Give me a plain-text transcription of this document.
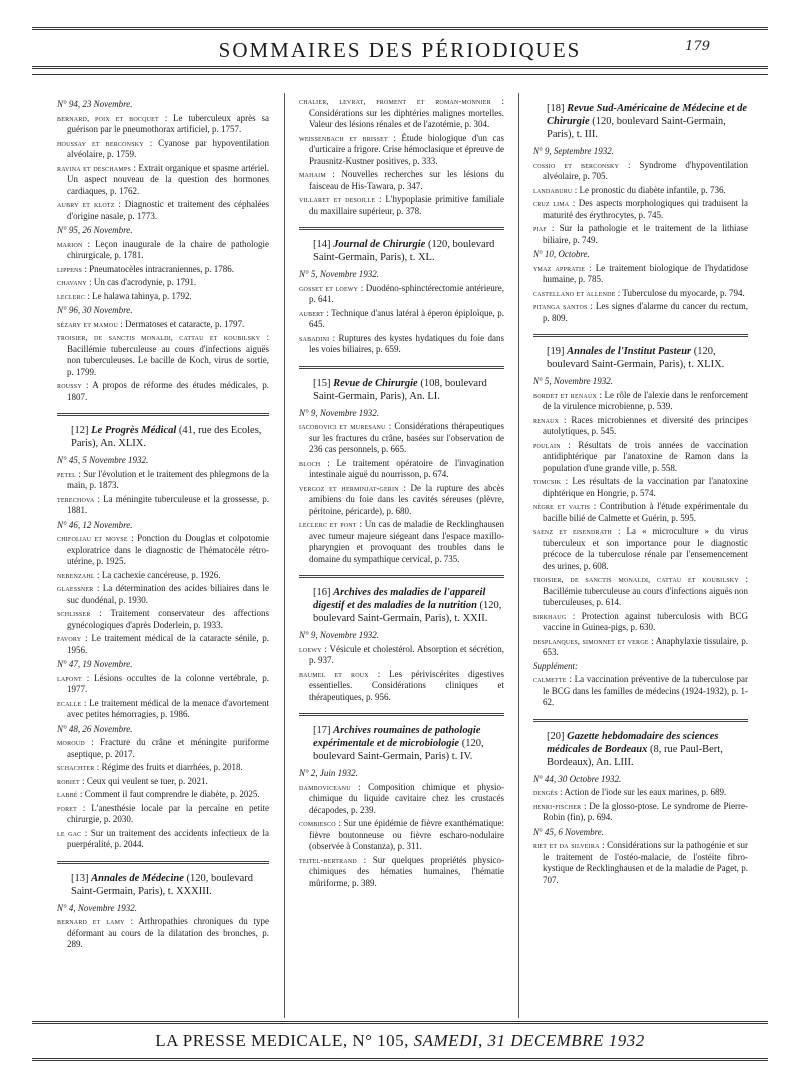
SOMMAIRES DES PÉRIODIQUES	179
N° 94, 23 Novembre.
bernard, poix et bocquet : Le tuberculeux après sa guérison par le pneumothorax artificiel, p. 1757.
houssay et berconsky : Cyanose par hypoventilation alvéolaire, p. 1759.
ravina et deschamps : Extrait organique et spasme artériel. Un aspect nouveau de la question des hormones cardiaques, p. 1762.
aubry et klotz : Diagnostic et traitement des céphalées d'origine nasale, p. 1773.
N° 95, 26 Novembre.
marion : Leçon inaugurale de la chaire de pathologie chirurgicale, p. 1781.
lippens : Pneumatocèles intracraniennes, p. 1786.
chavany : Un cas d'acrodynie, p. 1791.
leclerc : Le halawa tahinya, p. 1792.
N° 96, 30 Novembre.
sézary et mamou : Dermatoses et cataracte, p. 1797.
troisier, de sanctis monaldi, cattau et koubilsky : Bacillémie tuberculeuse au cours d'infections aiguës non tuberculeuses. Le bacille de Koch, virus de sortie, p. 1799.
roussy : A propos de réforme des études médicales, p. 1807.
[12] Le Progrès Médical (41, rue des Ecoles, Paris), An. XLIX.
N° 45, 5 Novembre 1932.
petel : Sur l'évolution et le traitement des phlegmons de la main, p. 1873.
terechova : La méningite tuberculeuse et la grossesse, p. 1881.
N° 46, 12 Novembre.
chifoliau et moyse : Ponction du Douglas et colpotomie exploratrice dans le diagnostic de l'hématocèle rétro-utérine, p. 1925.
nebenzahl : La cachexie cancéreuse, p. 1926.
glaessner : La détermination des acides biliaires dans le suc duodénal, p. 1930.
schlisser : Traitement conservateur des affections gynécologiques d'après Doderlein, p. 1933.
favory : Le traitement médical de la cataracte sénile, p. 1956.
N° 47, 19 Novembre.
lapont : Lésions occultes de la colonne vertébrale, p. 1977.
ecalle : Le traitement médical de la menace d'avortement avec petites hémorragies, p. 1986.
N° 48, 26 Novembre.
moroud : Fracture du crâne et méningite puriforme aseptique, p. 2017.
schachter : Régime des fruits et diarrhées, p. 2018.
robiet : Ceux qui veulent se tuer, p. 2021.
labbé : Comment il faut comprendre le diabète, p. 2025.
foret : L'anesthésie locale par la percaïne en petite chirurgie, p. 2030.
le gac : Sur un traitement des accidents infectieux de la puerpéralité, p. 2044.
[13] Annales de Médecine (120, boulevard Saint-Germain, Paris), t. XXXIII.
N° 4, Novembre 1932.
bernard et lamy : Arthropathies chroniques du type déformant au cours de la dilatation des bronches, p. 289.
chalier, levrat, froment et roman-monnier : Considérations sur les diphtéries malignes mortelles. Valeur des lésions rénales et de l'azotémie, p. 304.
weissenbach et brisset : Étude biologique d'un cas d'urticaire a frigore. Crise hémoclasique et épreuve de Prausnitz-Kustner positives, p. 333.
mahaim : Nouvelles recherches sur les lésions du faisceau de His-Tawara, p. 347.
villaret et desoille : L'hypoplasie primitive familiale du maxillaire supérieur, p. 378.
[14] Journal de Chirurgie (120, boulevard Saint-Germain, Paris), t. XL.
N° 5, Novembre 1932.
gosset et loewy : Duodéno-sphinctérectomie antérieure, p. 641.
aubert : Technique d'anus latéral à éperon épiploïque, p. 645.
sabadini : Ruptures des kystes hydatiques du foie dans les voies biliaires, p. 659.
[15] Revue de Chirurgie (108, boulevard Saint-Germain, Paris), An. LI.
N° 9, Novembre 1932.
iacobovici et muresanu : Considérations thérapeutiques sur les fractures du crâne, basées sur l'observation de 236 cas personnels, p. 665.
bloch : Le traitement opératoire de l'invagination intestinale aiguë du nourrisson, p. 674.
vergoz et herminjat-gerin : De la rupture des abcès amibiens du foie dans les cavités séreuses (plèvre, péritoine, péricarde), p. 680.
leclerc et pont : Un cas de maladie de Recklinghausen avec tumeur majeure siégeant dans l'espace maxillo-pharyngien et provoquant des troubles dans le domaine du sympathique cervical, p. 735.
[16] Archives des maladies de l'appareil digestif et des maladies de la nutrition (120, boulevard Saint-Germain, Paris), t. XXII.
N° 9, Novembre 1932.
loewy : Vésicule et cholestérol. Absorption et sécrétion, p. 937.
baumel et roux : Les périviscérites digestives essentielles. Considérations cliniques et thérapeutiques, p. 956.
[17] Archives roumaines de pathologie expérimentale et de microbiologie (120, boulevard Saint-Germain, Paris) t. IV.
N° 2, Juin 1932.
damboviceanu : Composition chimique et physio-chimique du liquide cavitaire chez les crustacés décapodes, p. 239.
combiesco : Sur une épidémie de fièvre exanthématique: fièvre boutonneuse ou fièvre escharo-nodulaire (observée à Constanza), p. 311.
teitel-bertrand : Sur quelques propriétés physico-chimiques des hématies humaines, l'hématie mûriforme, p. 389.
[18] Revue Sud-Américaine de Médecine et de Chirurgie (120, boulevard Saint-Germain, Paris), t. III.
N° 9, Septembre 1932.
cossio et berconsky : Syndrome d'hypoventilation alvéolaire, p. 705.
landaburu : Le pronostic du diabète infantile, p. 736.
cruz lima : Des aspects morphologiques qui traduisent la maturité des érythrocytes, p. 745.
piaf : Sur la pathologie et le traitement de la lithiase biliaire, p. 749.
N° 10, Octobre.
ymaz appratie : Le traitement biologique de l'hydatidose humaine, p. 785.
castellano et allende : Tuberculose du myocarde, p. 794.
pitanga santos : Les signes d'alarme du cancer du rectum, p. 809.
[19] Annales de l'Institut Pasteur (120, boulevard Saint-Germain, Paris), t. XLIX.
N° 5, Novembre 1932.
bordet et renaux : Le rôle de l'alexie dans le renforcement de la virulence microbienne, p. 539.
renaux : Races microbiennes et diversité des principes autolytiques, p. 545.
poulain : Résultats de trois années de vaccination antidiphtérique par l'anatoxine de Ramon dans la population d'une grande ville, p. 558.
tomcsik : Les résultats de la vaccination par l'anatoxine diphtérique en Hongrie, p. 574.
nègre et valtis : Contribution à l'étude expérimentale du bacille bilié de Calmette et Guérin, p. 595.
saenz et eisendrath : La « microculture » du virus tuberculeux et son importance pour le diagnostic précoce de la tuberculose rénale par l'ensemencement des urines, p. 608.
troisier, de sanctis monaldi, cattau et koubilsky : Bacillémie tuberculeuse au cours d'infections aiguës non tuberculeuses, p. 614.
birkhaug : Protection against tuberculosis with BCG vaccine in Guinea-pigs, p. 630.
desplanques, simonnet et verge : Anaphylaxie tissulaire, p. 653.
Supplément:
calmette : La vaccination préventive de la tuberculose par le BCG dans les familles de médecins (1924-1932), p. 1-62.
[20] Gazette hebdomadaire des sciences médicales de Bordeaux (8, rue Paul-Bert, Bordeaux), An. LIII.
N° 44, 30 Octobre 1932.
dengès : Action de l'iode sur les eaux marines, p. 689.
henri-fischer : De la glosso-ptose. Le syndrome de Pierre-Robin (fin), p. 694.
N° 45, 6 Novembre.
riet et da silveira : Considérations sur la pathogénie et sur le traitement de l'ostéo-malacie, de l'ostéite fibro-kystique de Recklinghausen et de la maladie de Paget, p. 707.
LA PRESSE MEDICALE, N° 105, SAMEDI, 31 DECEMBRE 1932
